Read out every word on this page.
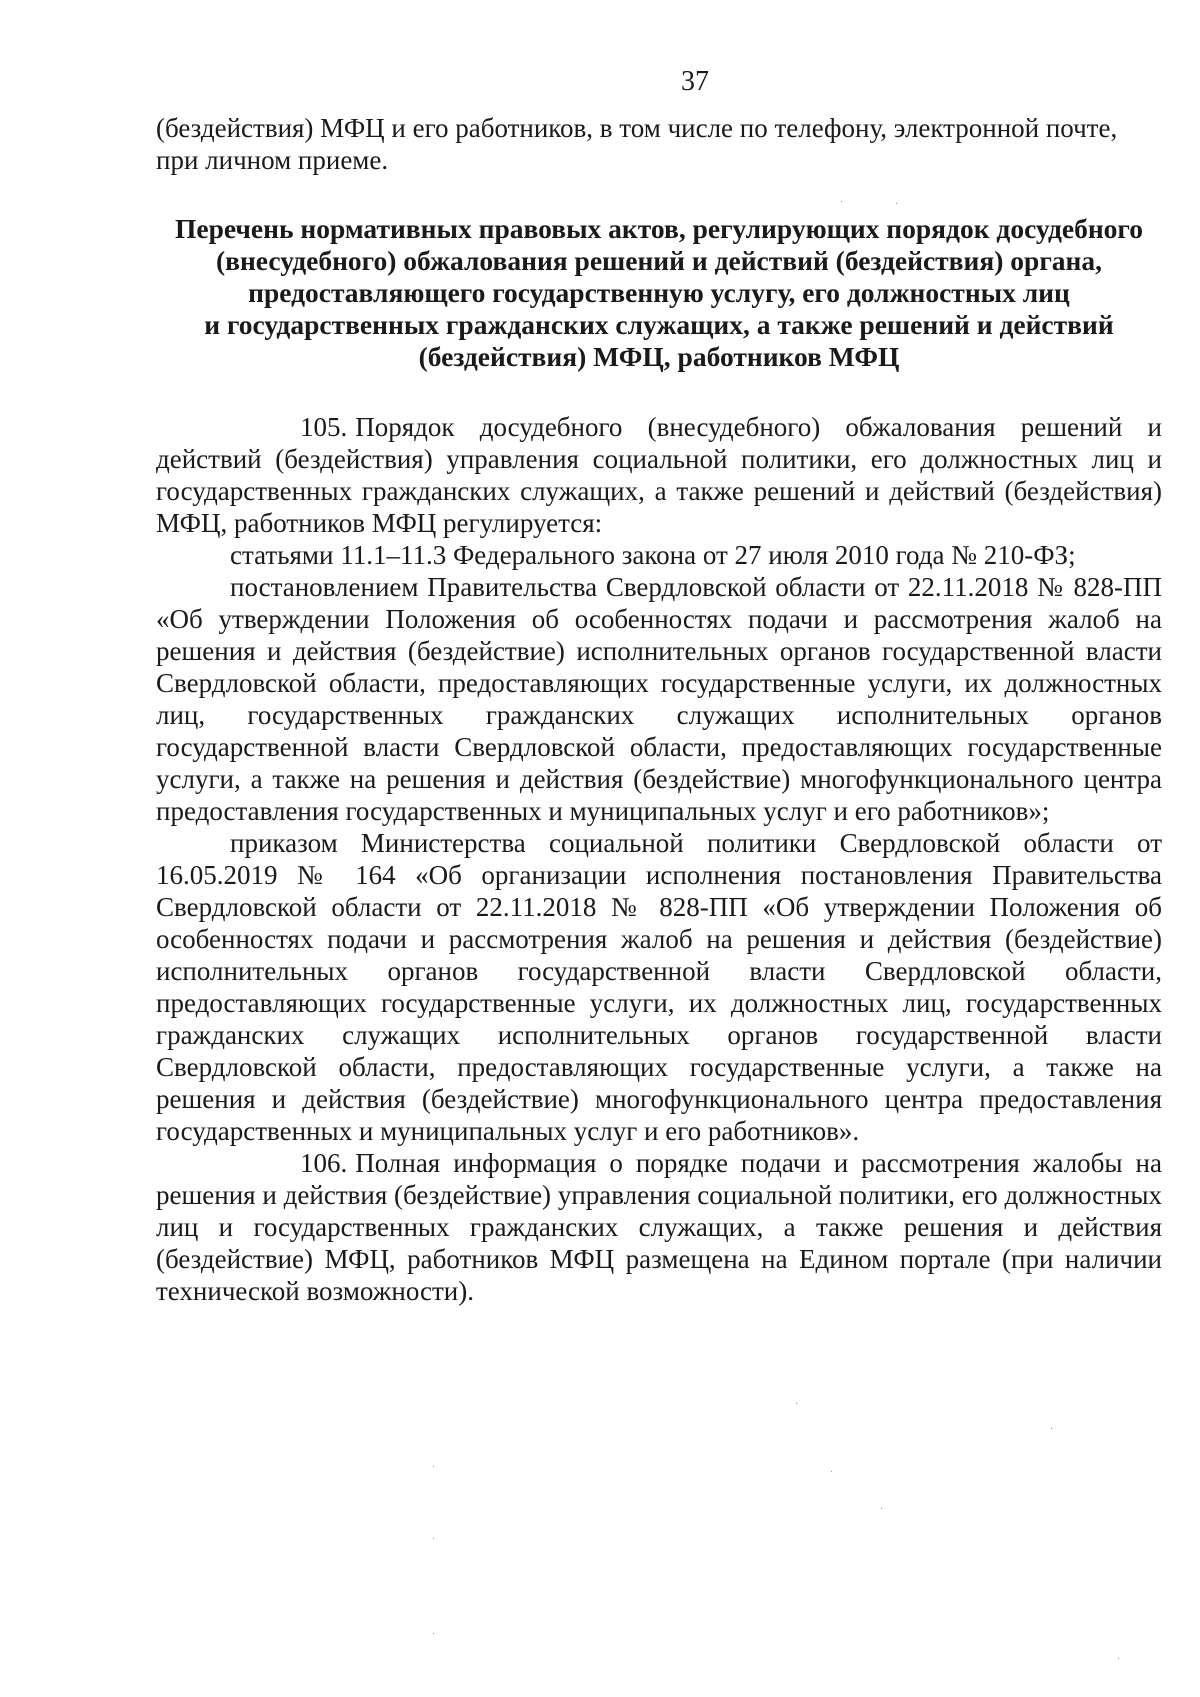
37
(бездействия) МФЦ и его работников, в том числе по телефону, электронной почте, при личном приеме.

Перечень нормативных правовых актов, регулирующих порядок досудебного

(внесудебного) обжалования решений и действий (бездействия) органа,

предоставляющего государственную услугу, его должностных лиц

и государственных гражданских служащих, а также решений и действий

(бездействия) МФЦ, работников МФЦ

105. Порядок досудебного (внесудебного) обжалования решений и действий (бездействия) управления социальной политики, его должностных лиц и государственных гражданских служащих, а также решений и действий (бездействия) МФЦ, работников МФЦ регулируется:

статьями 11.1–11.3 Федерального закона от 27 июля 2010 года № 210-ФЗ;

постановлением Правительства Свердловской области от 22.11.2018 № 828-ПП «Об утверждении Положения об особенностях подачи и рассмотрения жалоб на решения и действия (бездействие) исполнительных органов государственной власти Свердловской области, предоставляющих государственные услуги, их должностных лиц, государственных гражданских служащих исполнительных органов государственной власти Свердловской области, предоставляющих государственные услуги, а также на решения и действия (бездействие) многофункционального центра предоставления государственных и муниципальных услуг и его работников»;

приказом Министерства социальной политики Свердловской области от 16.05.2019 № 164 «Об организации исполнения постановления Правительства Свердловской области от 22.11.2018 № 828-ПП «Об утверждении Положения об особенностях подачи и рассмотрения жалоб на решения и действия (бездействие) исполнительных органов государственной власти Свердловской области, предоставляющих государственные услуги, их должностных лиц, государственных гражданских служащих исполнительных органов государственной власти Свердловской области, предоставляющих государственные услуги, а также на решения и действия (бездействие) многофункционального центра предоставления государственных и муниципальных услуг и его работников».

106. Полная информация о порядке подачи и рассмотрения жалобы на решения и действия (бездействие) управления социальной политики, его должностных лиц и государственных гражданских служащих, а также решения и действия (бездействие) МФЦ, работников МФЦ размещена на Едином портале (при наличии технической возможности).

·	·
·
·
·	·
·
·
·
·
